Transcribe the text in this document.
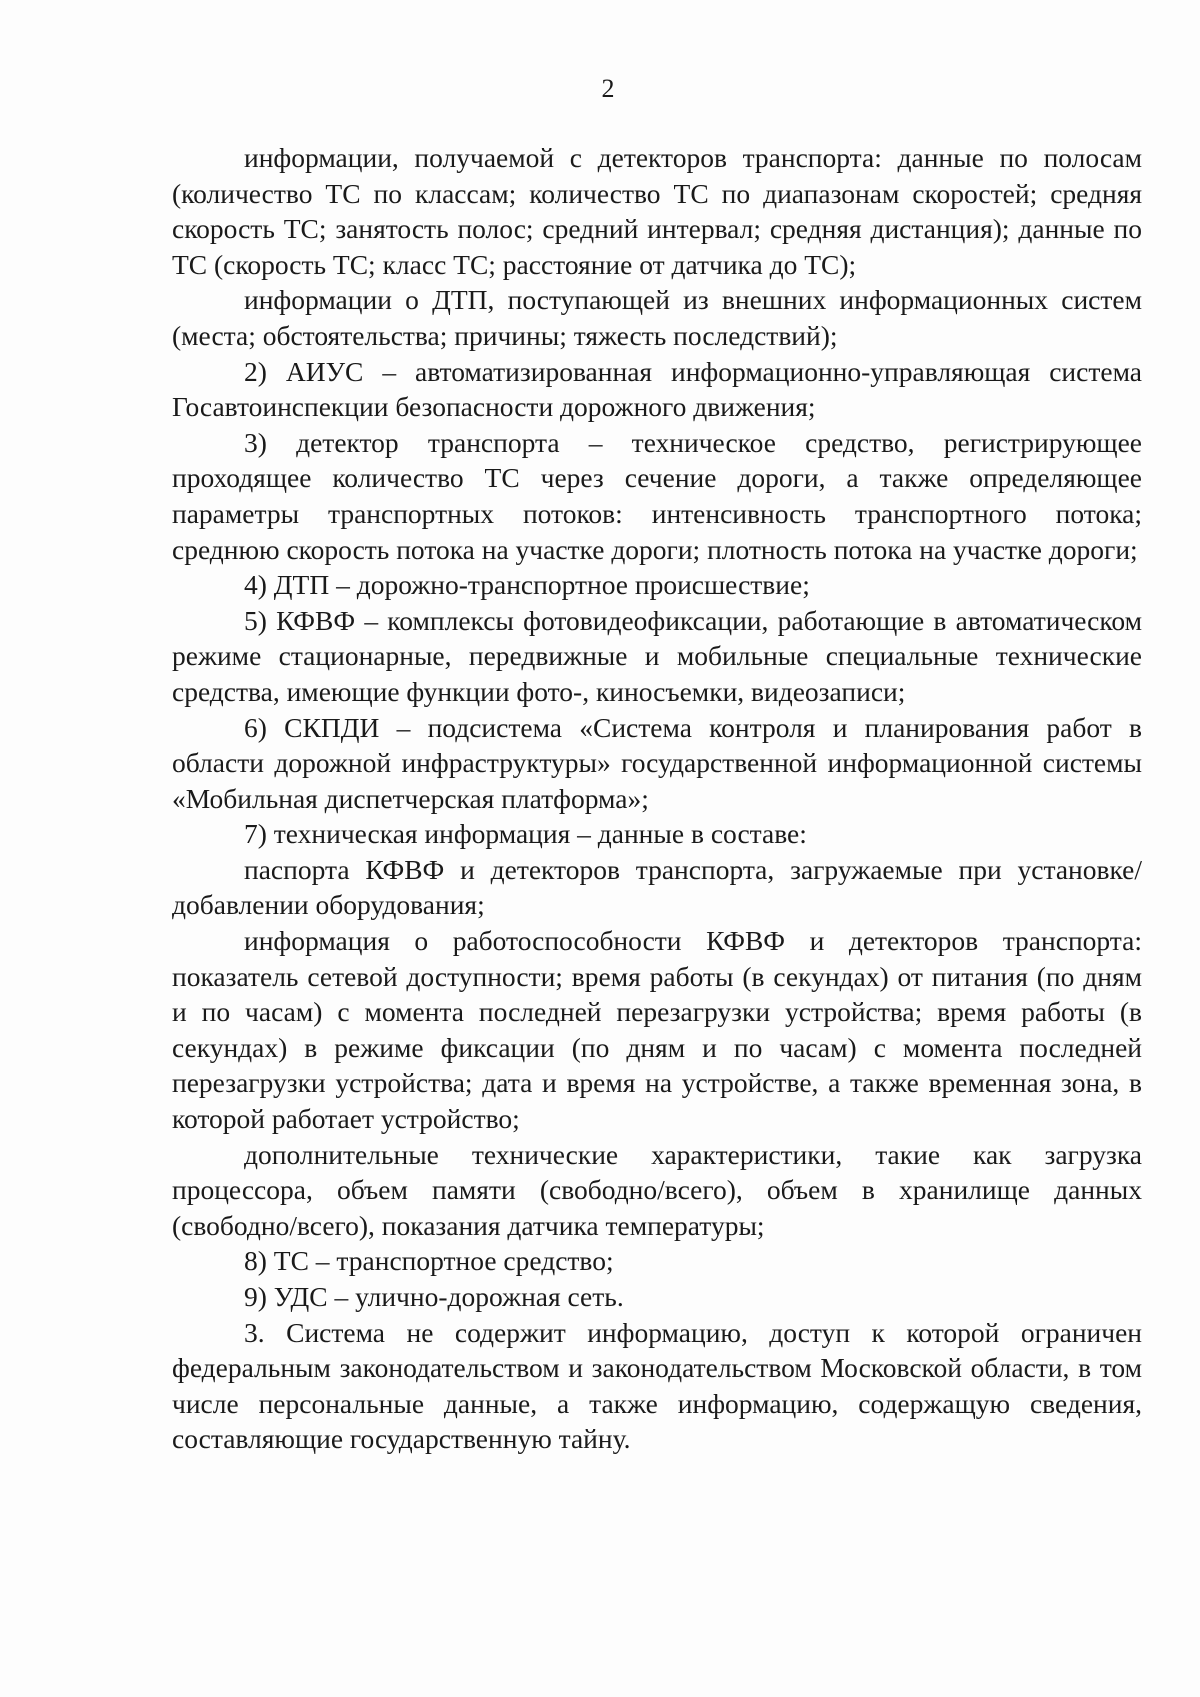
2

информации, получаемой с детекторов транспорта: данные по полосам (количество ТС по классам; количество ТС по диапазонам скоростей; средняя скорость ТС; занятость полос; средний интервал; средняя дистанция); данные по ТС (скорость ТС; класс ТС; расстояние от датчика до ТС);

информации о ДТП, поступающей из внешних информационных систем (места; обстоятельства; причины; тяжесть последствий);

2) АИУС – автоматизированная информационно-управляющая система Госавтоинспекции безопасности дорожного движения;

3) детектор транспорта – техническое средство, регистрирующее проходящее количество ТС через сечение дороги, а также определяющее параметры транспортных потоков: интенсивность транспортного потока; среднюю скорость потока на участке дороги; плотность потока на участке дороги;

4) ДТП – дорожно-транспортное происшествие;

5) КФВФ – комплексы фотовидеофиксации, работающие в автоматическом режиме стационарные, передвижные и мобильные специальные технические средства, имеющие функции фото-, киносъемки, видеозаписи;

6) СКПДИ – подсистема «Система контроля и планирования работ в области дорожной инфраструктуры» государственной информационной системы «Мобильная диспетчерская платформа»;

7) техническая информация – данные в составе:

паспорта КФВФ и детекторов транспорта, загружаемые при установке/добавлении оборудования;

информация о работоспособности КФВФ и детекторов транспорта: показатель сетевой доступности; время работы (в секундах) от питания (по дням и по часам) с момента последней перезагрузки устройства; время работы (в секундах) в режиме фиксации (по дням и по часам) с момента последней перезагрузки устройства; дата и время на устройстве, а также временная зона, в которой работает устройство;

дополнительные технические характеристики, такие как загрузка процессора, объем памяти (свободно/всего), объем в хранилище данных (свободно/всего), показания датчика температуры;

8) ТС – транспортное средство;

9) УДС – улично-дорожная сеть.

3. Система не содержит информацию, доступ к которой ограничен федеральным законодательством и законодательством Московской области, в том числе персональные данные, а также информацию, содержащую сведения, составляющие государственную тайну.
